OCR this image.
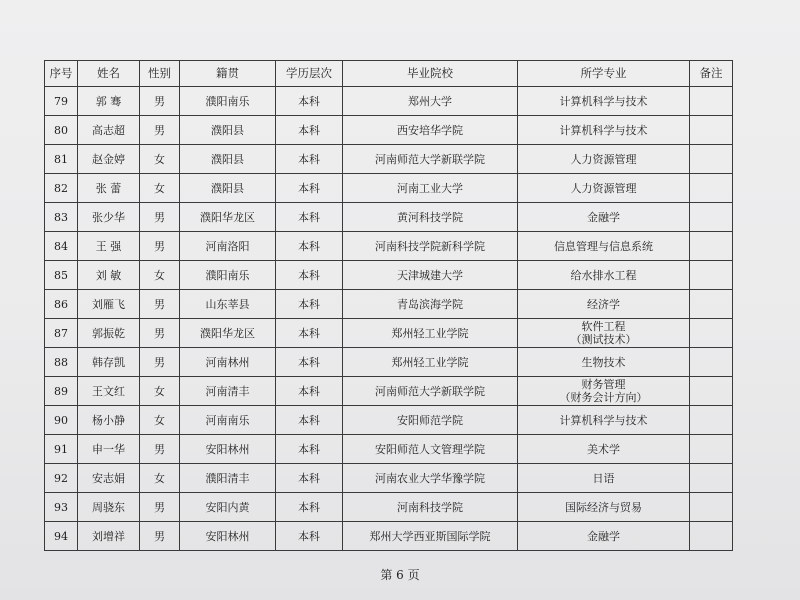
序号	姓名	性别	籍贯	学历层次	毕业院校	所学专业	备注
79	郭 骞	男	濮阳南乐	本科	郑州大学	计算机科学与技术	

80	高志超	男	濮阳县	本科	西安培华学院	计算机科学与技术	

81	赵金婷	女	濮阳县	本科	河南师范大学新联学院	人力资源管理	

82	张 蕾	女	濮阳县	本科	河南工业大学	人力资源管理	

83	张少华	男	濮阳华龙区	本科	黄河科技学院	金融学	

84	王 强	男	河南洛阳	本科	河南科技学院新科学院	信息管理与信息系统	

85	刘 敏	女	濮阳南乐	本科	天津城建大学	给水排水工程	

86	刘雁飞	男	山东莘县	本科	青岛滨海学院	经济学	

87	郭振乾	男	濮阳华龙区	本科	郑州轻工业学院	软件工程
（测试技术）	

88	韩存凯	男	河南林州	本科	郑州轻工业学院	生物技术	

89	王文红	女	河南清丰	本科	河南师范大学新联学院	财务管理
（财务会计方向）	

90	杨小静	女	河南南乐	本科	安阳师范学院	计算机科学与技术	

91	申一华	男	安阳林州	本科	安阳师范人文管理学院	美术学	

92	安志娟	女	濮阳清丰	本科	河南农业大学华豫学院	日语	

93	周骁东	男	安阳内黄	本科	河南科技学院	国际经济与贸易	

94	刘增祥	男	安阳林州	本科	郑州大学西亚斯国际学院	金融学	

第 6 页
